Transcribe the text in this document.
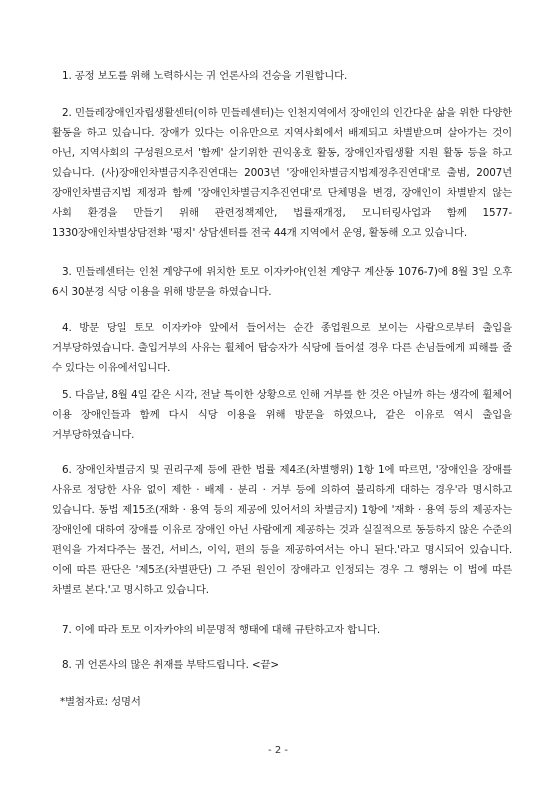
1. 공정 보도를 위해 노력하시는 귀 언론사의 건승을 기원합니다.

2. 민들레장애인자립생활센터(이하 민들레센터)는 인천지역에서 장애인의 인간다운 삶을 위한 다양한 활동을 하고 있습니다. 장애가 있다는 이유만으로 지역사회에서 배제되고 차별받으며 살아가는 것이 아닌, 지역사회의 구성원으로서 '함께' 살기위한 권익옹호 활동, 장애인자립생활 지원 활동 등을 하고 있습니다. (사)장애인차별금지추진연대는 2003년 '장애인차별금지법제정추진연대'로 출범, 2007년 장애인차별금지법 제정과 함께 '장애인차별금지추진연대'로 단체명을 변경, 장애인이 차별받지 않는 사회 환경을 만들기 위해 관련정책제안, 법률재개정, 모니터링사업과 함께 1577-1330장애인차별상담전화 '평지' 상담센터를 전국 44개 지역에서 운영, 활동해 오고 있습니다.

3. 민들레센터는 인천 계양구에 위치한 토모 이자카야(인천 계양구 계산동 1076-7)에 8월 3일 오후 6시 30분경 식당 이용을 위해 방문을 하였습니다.

4. 방문 당일 토모 이자카야 앞에서 들어서는 순간 종업원으로 보이는 사람으로부터 출입을 거부당하였습니다. 출입거부의 사유는 휠체어 탑승자가 식당에 들어설 경우 다른 손님들에게 피해를 줄 수 있다는 이유에서입니다.

5. 다음날, 8월 4일 같은 시각, 전날 특이한 상황으로 인해 거부를 한 것은 아닐까 하는 생각에 휠체어 이용 장애인들과 함께 다시 식당 이용을 위해 방문을 하였으나, 같은 이유로 역시 출입을 거부당하였습니다.

6. 장애인차별금지 및 권리구제 등에 관한 법률 제4조(차별행위) 1항 1에 따르면, '장애인을 장애를 사유로 정당한 사유 없이 제한 · 배제 · 분리 · 거부 등에 의하여 불리하게 대하는 경우'라 명시하고 있습니다. 동법 제15조(재화 · 용역 등의 제공에 있어서의 차별금지) 1항에 '재화 · 용역 등의 제공자는 장애인에 대하여 장애를 이유로 장애인 아닌 사람에게 제공하는 것과 실질적으로 동등하지 않은 수준의 편익을 가져다주는 물건, 서비스, 이익, 편의 등을 제공하여서는 아니 된다.'라고 명시되어 있습니다. 이에 따른 판단은 '제5조(차별판단) 그 주된 원인이 장애라고 인정되는 경우 그 행위는 이 법에 따른 차별로 본다.'고 명시하고 있습니다.

7. 이에 따라 토모 이자카야의 비문명적 행태에 대해 규탄하고자 합니다.

8. 귀 언론사의 많은 취재를 부탁드립니다. <끝>

*별첨자료: 성명서

- 2 -
